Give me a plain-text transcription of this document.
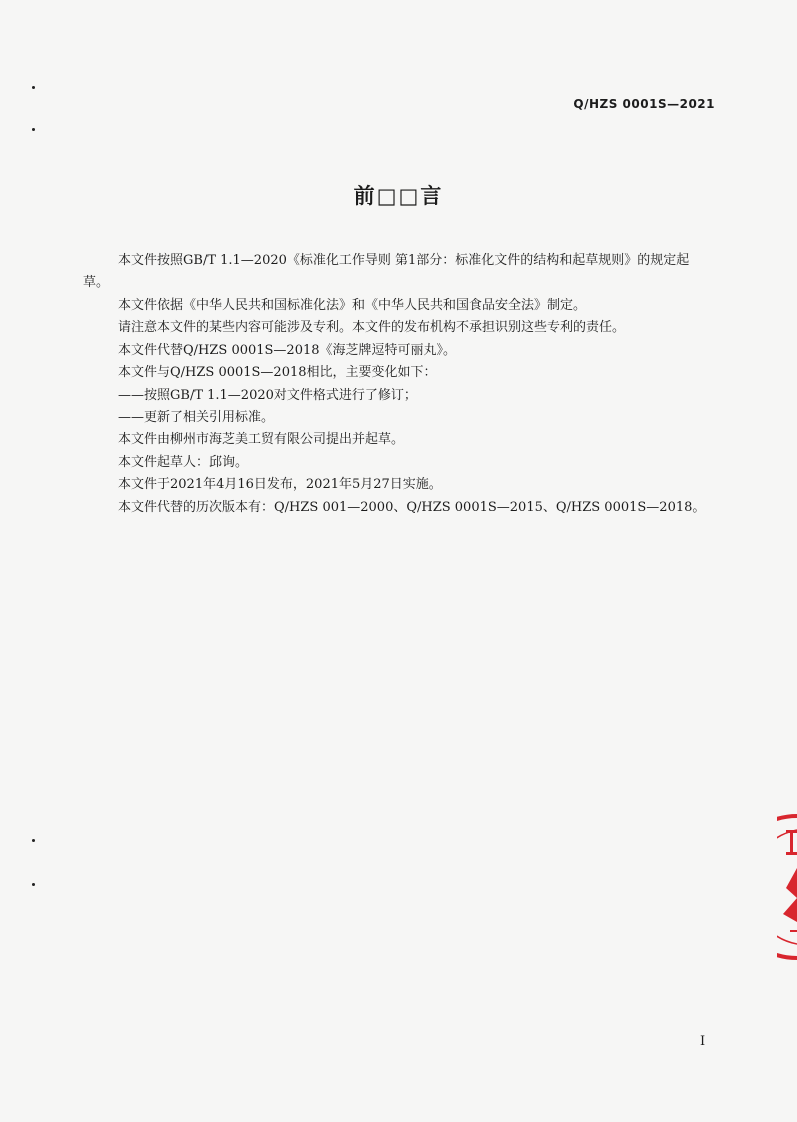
Q/HZS 0001S—2021
前□□言

本文件按照GB/T 1.1—2020《标准化工作导则 第1部分：标准化文件的结构和起草规则》的规定起草。

本文件依据《中华人民共和国标准化法》和《中华人民共和国食品安全法》制定。

请注意本文件的某些内容可能涉及专利。本文件的发布机构不承担识别这些专利的责任。

本文件代替Q/HZS 0001S—2018《海芝牌逗特可丽丸》。

本文件与Q/HZS 0001S—2018相比，主要变化如下：

——按照GB/T 1.1—2020对文件格式进行了修订；

——更新了相关引用标准。

本文件由柳州市海芝美工贸有限公司提出并起草。

本文件起草人：邱询。

本文件于2021年4月16日发布，2021年5月27日实施。

本文件代替的历次版本有：Q/HZS 001—2000、Q/HZS 0001S—2015、Q/HZS 0001S—2018。

I
